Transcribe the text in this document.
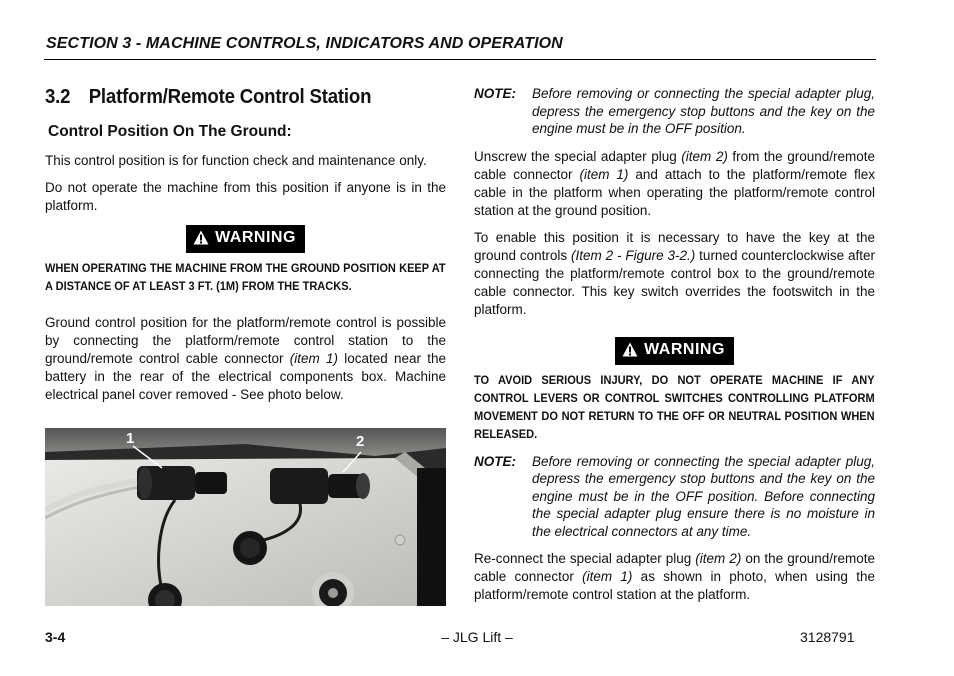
SECTION 3 - MACHINE CONTROLS, INDICATORS AND OPERATION
3.2 Platform/Remote Control Station
Control Position On The Ground:

This control position is for function check and maintenance only.

Do not operate the machine from this position if anyone is in the platform.

WARNING
WHEN OPERATING THE MACHINE FROM THE GROUND POSITION KEEP AT A DISTANCE OF AT LEAST 3 FT. (1M) FROM THE TRACKS.

Ground control position for the platform/remote control is possible by connecting the platform/remote control station to the ground/remote control cable connector (item 1) located near the battery in the rear of the electrical components box. Machine electrical panel cover removed - See photo below.

1	2
NOTE:	Before removing or connecting the special adapter plug, depress the emergency stop buttons and the key on the engine must be in the OFF position.

Unscrew the special adapter plug (item 2) from the ground/remote cable connector (item 1) and attach to the platform/remote flex cable in the platform when operating the platform/remote control station at the ground position.

To enable this position it is necessary to have the key at the ground controls (Item 2 - Figure 3-2.) turned counterclockwise after connecting the platform/remote control box to the ground/remote cable connector. This key switch overrides the footswitch in the platform.

WARNING
TO AVOID SERIOUS INJURY, DO NOT OPERATE MACHINE IF ANY CONTROL LEVERS OR CONTROL SWITCHES CONTROLLING PLATFORM MOVEMENT DO NOT RETURN TO THE OFF OR NEUTRAL POSITION WHEN RELEASED.
NOTE:	Before removing or connecting the special adapter plug, depress the emergency stop buttons and the key on the engine must be in the OFF position. Before connecting the special adapter plug ensure there is no moisture in the electrical connectors at any time.

Re-connect the special adapter plug (item 2) on the ground/remote cable connector (item 1) as shown in photo, when using the platform/remote control station at the platform.

3-4	– JLG Lift –	3128791
